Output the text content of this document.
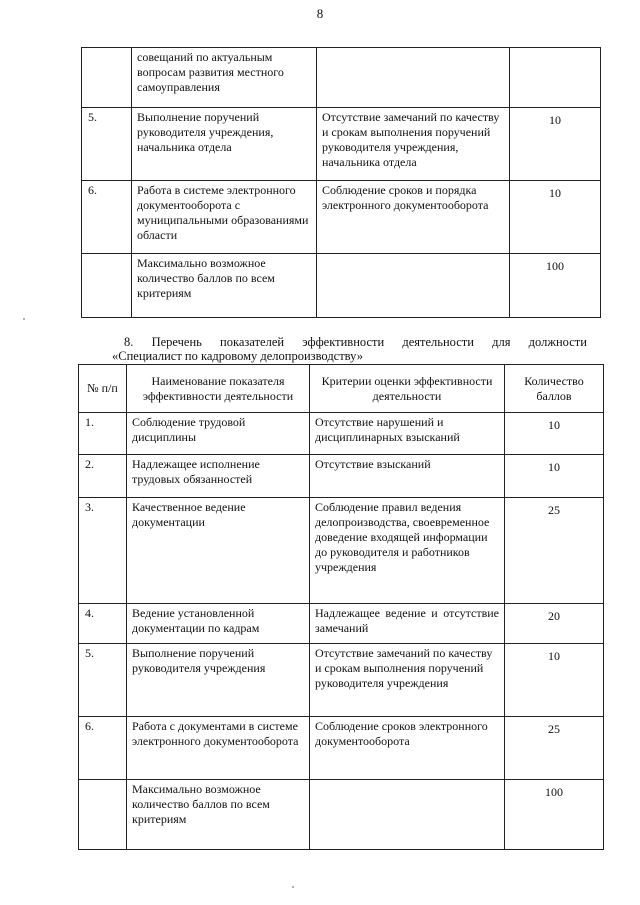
8
	совещаний по актуальным вопросам развития местного самоуправления		
5.	Выполнение поручений руководителя учреждения, начальника отдела	Отсутствие замечаний по качеству и срокам выполнения поручений руководителя учреждения, начальника отдела	10
6.	Работа в системе электронного документооборота с муниципальными образованиями области	Соблюдение сроков и порядка электронного документооборота	10
	Максимально возможное количество баллов по всем критериям		100
8. Перечень показателей эффективности деятельности для должности
«Специалист по кадровому делопроизводству»
№ п/п	Наименование показателя эффективности деятельности	Критерии оценки эффективности деятельности	Количество баллов
1.	Соблюдение трудовой дисциплины	Отсутствие нарушений и дисциплинарных взысканий	10
2.	Надлежащее исполнение трудовых обязанностей	Отсутствие взысканий	10
3.	Качественное ведение документации	Соблюдение правил ведения делопроизводства, своевременное доведение входящей информации до руководителя и работников учреждения	25
4.	Ведение установленной документации по кадрам	Надлежащее ведение и отсутствие замечаний	20
5.	Выполнение поручений руководителя учреждения	Отсутствие замечаний по качеству и срокам выполнения поручений руководителя учреждения	10
6.	Работа с документами в системе электронного документооборота	Соблюдение сроков электронного документооборота	25
	Максимально возможное количество баллов по всем критериям		100
